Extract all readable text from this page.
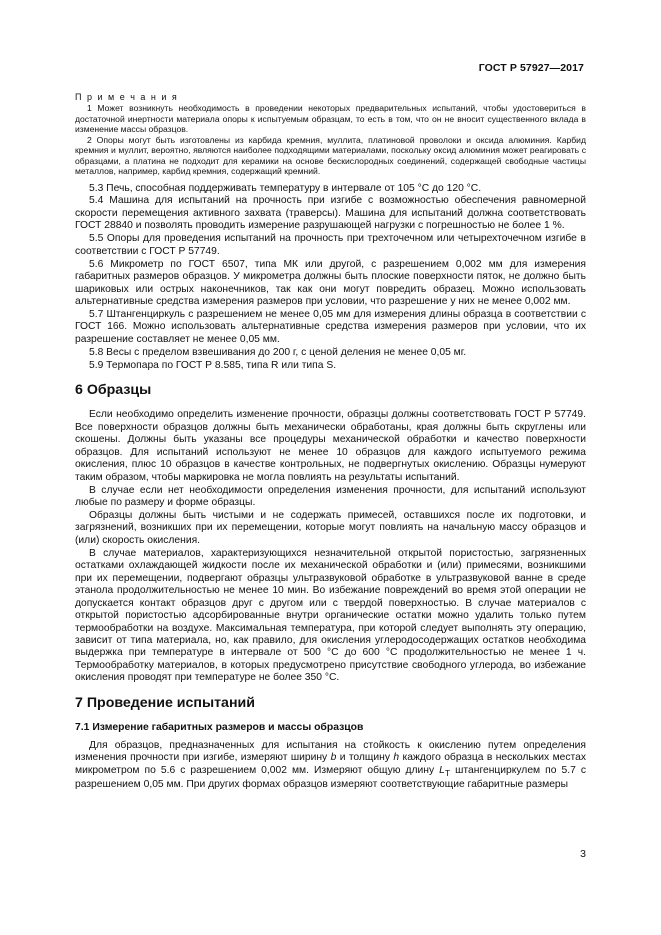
ГОСТ Р 57927—2017

П р и м е ч а н и я

1 Может возникнуть необходимость в проведении некоторых предварительных испытаний, чтобы удостовериться в достаточной инертности материала опоры к испытуемым образцам, то есть в том, что он не вносит существенного вклада в изменение массы образцов.

2 Опоры могут быть изготовлены из карбида кремния, муллита, платиновой проволоки и оксида алюминия. Карбид кремния и муллит, вероятно, являются наиболее подходящими материалами, поскольку оксид алюминия может реагировать с образцами, а платина не подходит для керамики на основе бескислородных соединений, содержащей свободные частицы металлов, например, карбид кремния, содержащий кремний.

5.3 Печь, способная поддерживать температуру в интервале от 105 °С до 120 °С.

5.4 Машина для испытаний на прочность при изгибе с возможностью обеспечения равномерной скорости перемещения активного захвата (траверсы). Машина для испытаний должна соответствовать ГОСТ 28840 и позволять проводить измерение разрушающей нагрузки с погрешностью не более 1 %.

5.5 Опоры для проведения испытаний на прочность при трехточечном или четырехточечном изгибе в соответствии с ГОСТ Р 57749.

5.6 Микрометр по ГОСТ 6507, типа МК или другой, с разрешением 0,002 мм для измерения габаритных размеров образцов. У микрометра должны быть плоские поверхности пяток, не должно быть шариковых или острых наконечников, так как они могут повредить образец. Можно использовать альтернативные средства измерения размеров при условии, что разрешение у них не менее 0,002 мм.

5.7 Штангенциркуль с разрешением не менее 0,05 мм для измерения длины образца в соответствии с ГОСТ 166. Можно использовать альтернативные средства измерения размеров при условии, что их разрешение составляет не менее 0,05 мм.

5.8 Весы с пределом взвешивания до 200 г, с ценой деления не менее 0,05 мг.

5.9 Термопара по ГОСТ Р 8.585, типа R или типа S.

6 Образцы

Если необходимо определить изменение прочности, образцы должны соответствовать ГОСТ Р 57749. Все поверхности образцов должны быть механически обработаны, края должны быть скруглены или скошены. Должны быть указаны все процедуры механической обработки и качество поверхности образцов. Для испытаний используют не менее 10 образцов для каждого испытуемого режима окисления, плюс 10 образцов в качестве контрольных, не подвергнутых окислению. Образцы нумеруют таким образом, чтобы маркировка не могла повлиять на результаты испытаний.

В случае если нет необходимости определения изменения прочности, для испытаний используют любые по размеру и форме образцы.

Образцы должны быть чистыми и не содержать примесей, оставшихся после их подготовки, и загрязнений, возникших при их перемещении, которые могут повлиять на начальную массу образцов и (или) скорость окисления.

В случае материалов, характеризующихся незначительной открытой пористостью, загрязненных остатками охлаждающей жидкости после их механической обработки и (или) примесями, возникшими при их перемещении, подвергают образцы ультразвуковой обработке в ультразвуковой ванне в среде этанола продолжительностью не менее 10 мин. Во избежание повреждений во время этой операции не допускается контакт образцов друг с другом или с твердой поверхностью. В случае материалов с открытой пористостью адсорбированные внутри органические остатки можно удалить только путем термообработки на воздухе. Максимальная температура, при которой следует выполнять эту операцию, зависит от типа материала, но, как правило, для окисления углеродосодержащих остатков необходима выдержка при температуре в интервале от 500 °С до 600 °С продолжительностью не менее 1 ч. Термообработку материалов, в которых предусмотрено присутствие свободного углерода, во избежание окисления проводят при температуре не более 350 °С.

7 Проведение испытаний
7.1 Измерение габаритных размеров и массы образцов

Для образцов, предназначенных для испытания на стойкость к окислению путем определения изменения прочности при изгибе, измеряют ширину b и толщину h каждого образца в нескольких местах микрометром по 5.6 с разрешением 0,002 мм. Измеряют общую длину $L_T$ штангенциркулем по 5.7 с разрешением 0,05 мм. При других формах образцов измеряют соответствующие габаритные размеры

3
